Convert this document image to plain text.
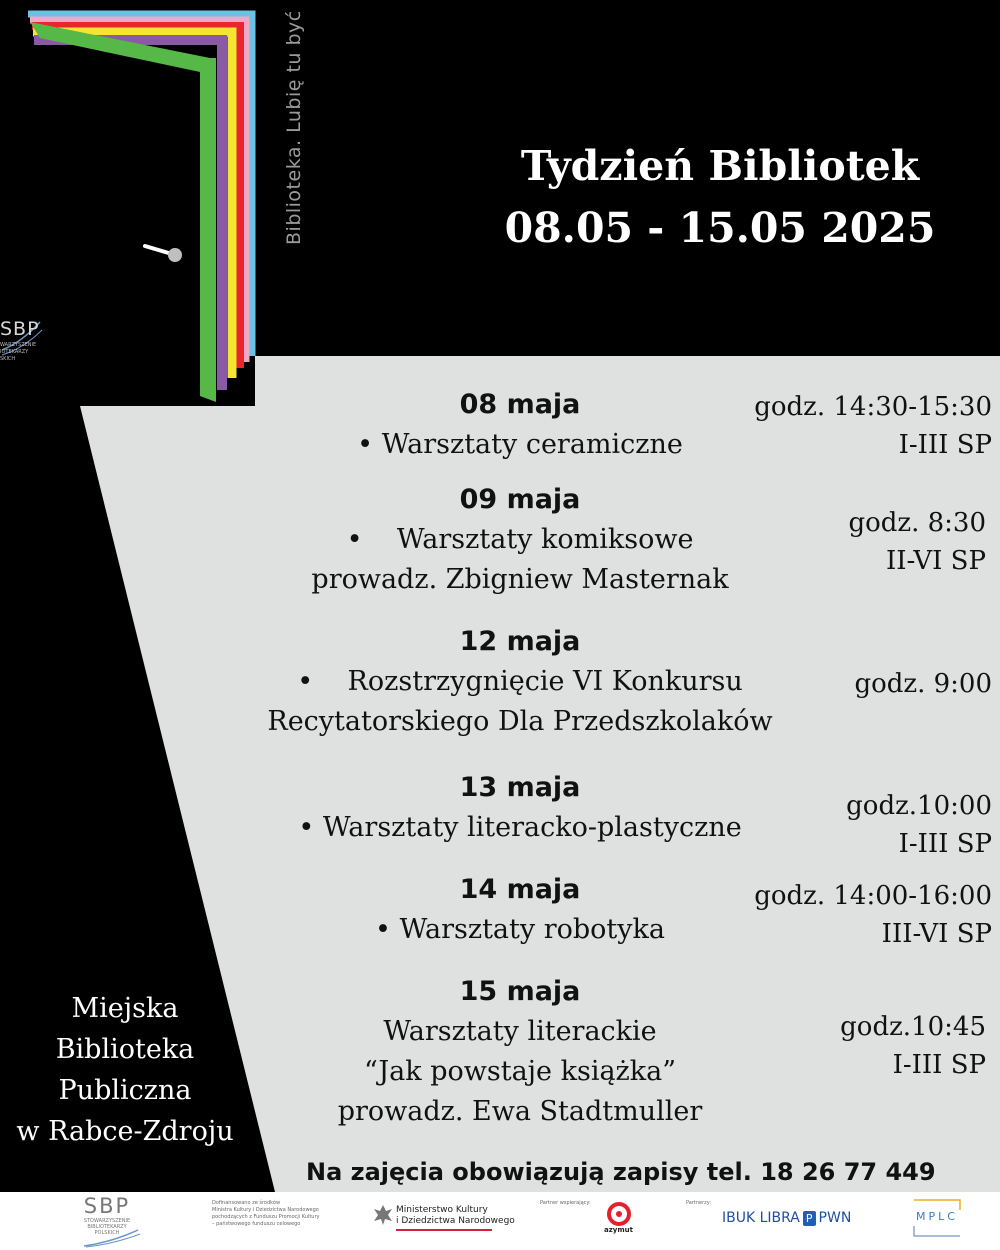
Biblioteka. Lubię tu być
SBP
WARZYSZENIE
IOTEKARZY
SKICH
Tydzień Bibliotek
08.05 - 15.05 2025
08 maja
• Warsztaty ceramiczne
godz. 14:30-15:30
I-III SP
09 maja
• Warsztaty komiksowe
prowadz. Zbigniew Masternak
godz. 8:30
II-VI SP
12 maja
• Rozstrzygnięcie VI Konkursu
Recytatorskiego Dla Przedszkolaków
godz. 9:00
13 maja
• Warsztaty literacko-plastyczne
godz.10:00
I-III SP
14 maja
• Warsztaty robotyka
godz. 14:00-16:00
III-VI SP
15 maja
Warsztaty literackie
“Jak powstaje książka”
prowadz. Ewa Stadtmuller
godz.10:45
I-III SP
Miejska
Biblioteka
Publiczna
w Rabce-Zdroju
Na zajęcia obowiązują zapisy tel. 18 26 77 449
SBP
STOWARZYSZENIE
BIBLIOTEKARZY
POLSKICH
Dofinansowano ze środków
Ministra Kultury i Dziedzictwa Narodowego
pochodzących z Funduszu Promocji Kultury
– państwowego funduszu celowego
Ministerstwo Kultury
i Dziedzictwa Narodowego
Partner wspierający:
azymut
Partnerzy:
IBUK LIBRA P PWN	MPLC
